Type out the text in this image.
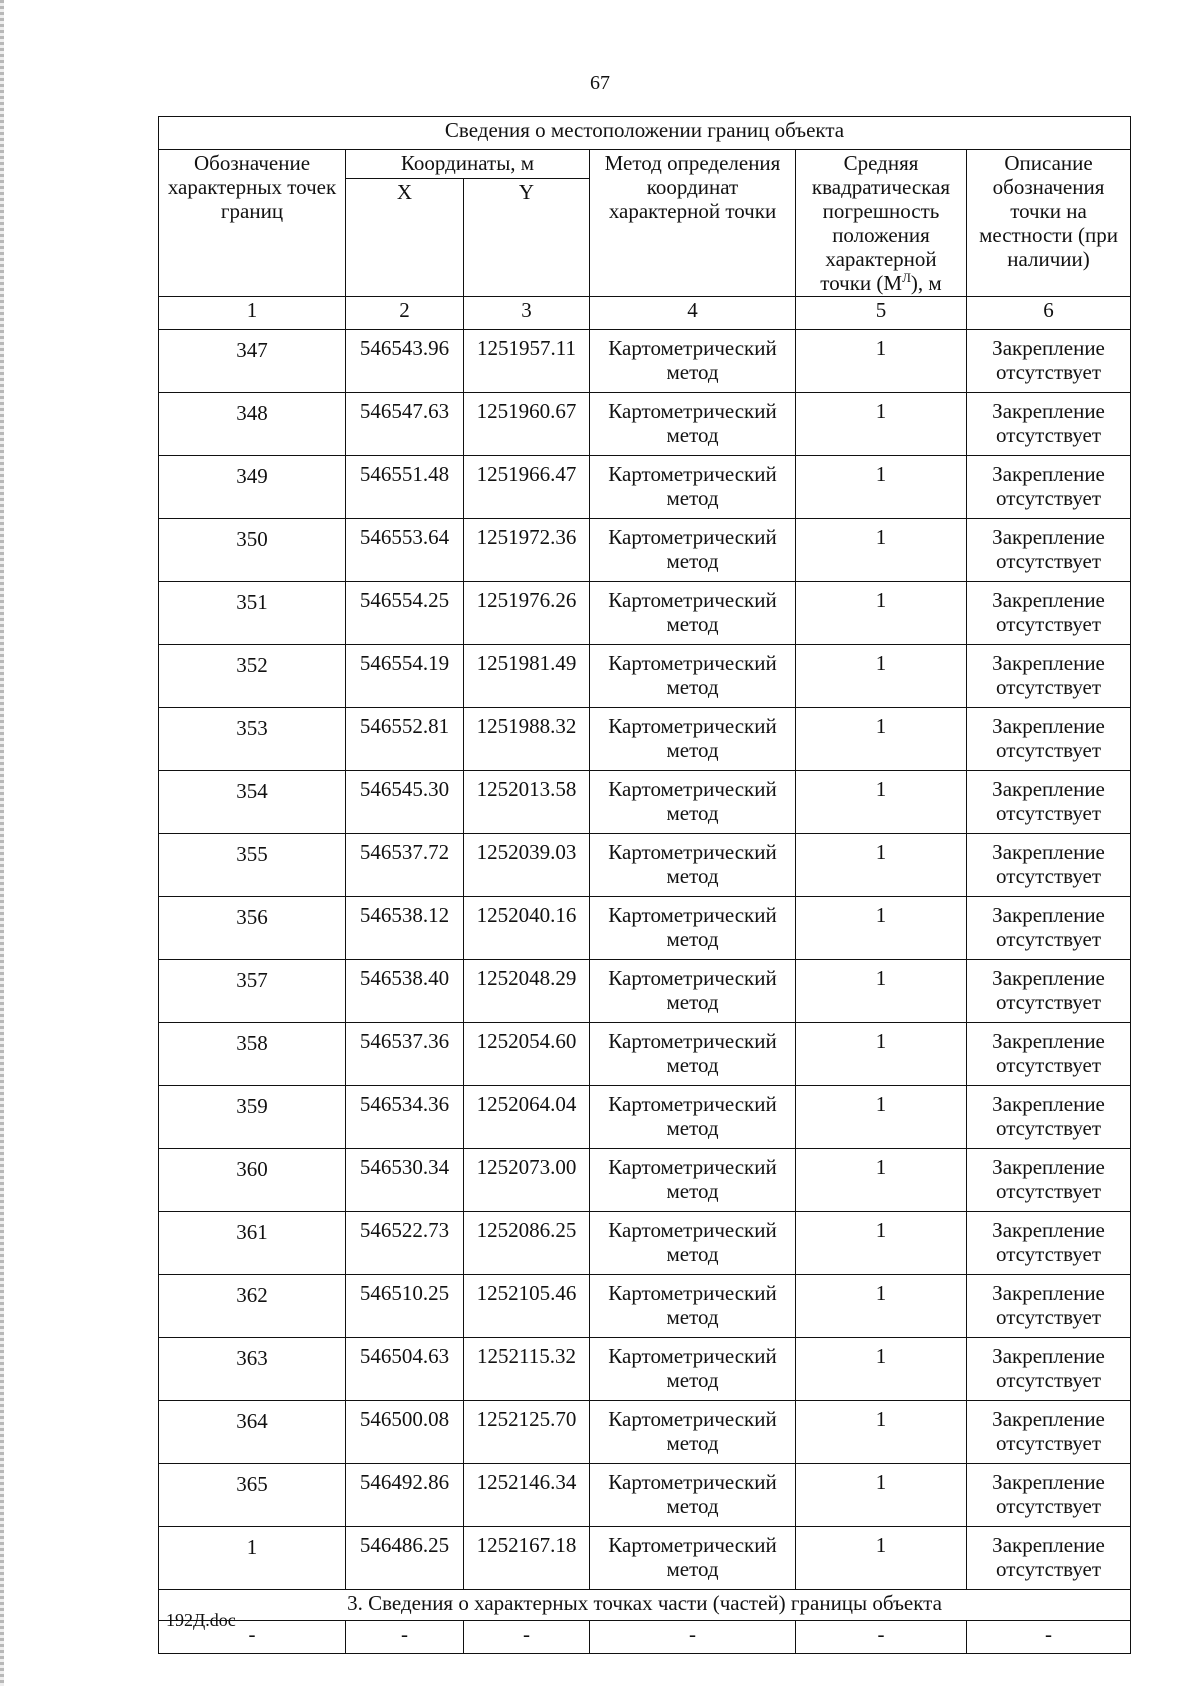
67
Сведения о местоположении границ объекта					
Обозначение характерных точек границ	Координаты, м		Метод определения координат характерной точки	Средняя квадратическая погрешность положения характерной точки $(М^Л)$, м	Описание обозначения точки на местности (при наличии)
	X	Y			
1	2	3	4	5	6
347	546543.96	1251957.11	Картометрический метод	1	Закрепление отсутствует
348	546547.63	1251960.67	Картометрический метод	1	Закрепление отсутствует
349	546551.48	1251966.47	Картометрический метод	1	Закрепление отсутствует
350	546553.64	1251972.36	Картометрический метод	1	Закрепление отсутствует
351	546554.25	1251976.26	Картометрический метод	1	Закрепление отсутствует
352	546554.19	1251981.49	Картометрический метод	1	Закрепление отсутствует
353	546552.81	1251988.32	Картометрический метод	1	Закрепление отсутствует
354	546545.30	1252013.58	Картометрический метод	1	Закрепление отсутствует
355	546537.72	1252039.03	Картометрический метод	1	Закрепление отсутствует
356	546538.12	1252040.16	Картометрический метод	1	Закрепление отсутствует
357	546538.40	1252048.29	Картометрический метод	1	Закрепление отсутствует
358	546537.36	1252054.60	Картометрический метод	1	Закрепление отсутствует
359	546534.36	1252064.04	Картометрический метод	1	Закрепление отсутствует
360	546530.34	1252073.00	Картометрический метод	1	Закрепление отсутствует
361	546522.73	1252086.25	Картометрический метод	1	Закрепление отсутствует
362	546510.25	1252105.46	Картометрический метод	1	Закрепление отсутствует
363	546504.63	1252115.32	Картометрический метод	1	Закрепление отсутствует
364	546500.08	1252125.70	Картометрический метод	1	Закрепление отсутствует
365	546492.86	1252146.34	Картометрический метод	1	Закрепление отсутствует
1	546486.25	1252167.18	Картометрический метод	1	Закрепление отсутствует
3. Сведения о характерных точках части (частей) границы объекта					
-	-	-	-	-	-
192Д.doc
